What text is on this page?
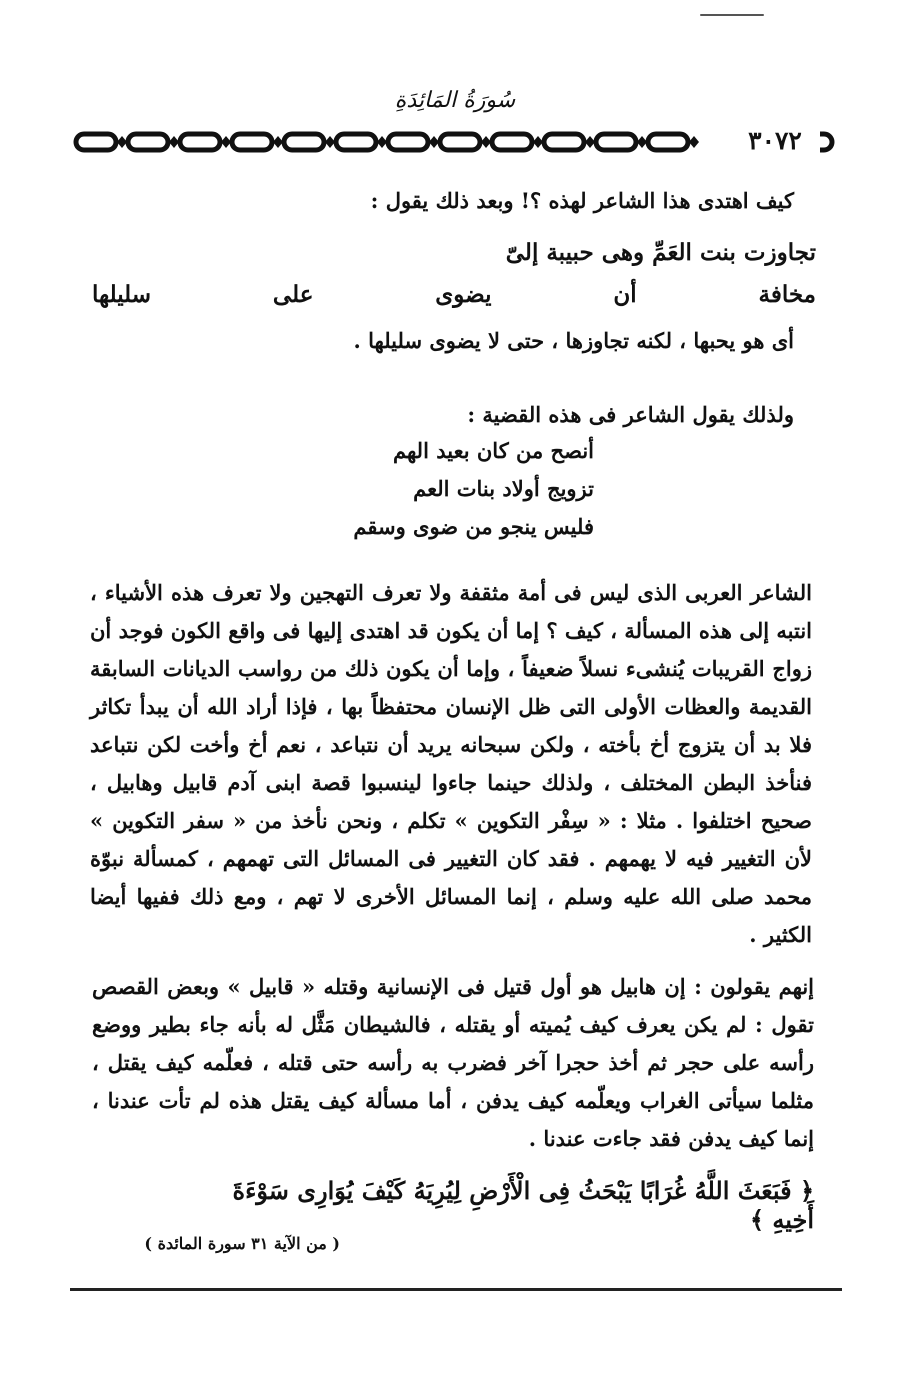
سُورَةُ المَائِدَةِ
٣٠٧٢
كيف اهتدى هذا الشاعر لهذه ؟! وبعد ذلك يقول :
تجاوزت بنت العَمِّ وهى حبيبة إلىّ
مخافة أن يضوى على سليلها
أى هو يحبها ، لكنه تجاوزها ، حتى لا يضوى سليلها .
ولذلك يقول الشاعر فى هذه القضية :
أنصح من كان بعيد الهم
تزويج أولاد بنات العم
فليس ينجو من ضوى وسقم
الشاعر العربى الذى ليس فى أمة مثقفة ولا تعرف التهجين ولا تعرف هذه الأشياء ، انتبه إلى هذه المسألة ، كيف ؟ إما أن يكون قد اهتدى إليها فى واقع الكون فوجد أن زواج القريبات يُنشىء نسلاً ضعيفاً ، وإما أن يكون ذلك من رواسب الديانات السابقة القديمة والعظات الأولى التى ظل الإنسان محتفظاً بها ، فإذا أراد الله أن يبدأ تكاثر فلا بد أن يتزوج أخ بأخته ، ولكن سبحانه يريد أن نتباعد ، نعم أخ وأخت لكن نتباعد فنأخذ البطن المختلف ، ولذلك حينما جاءوا لينسبوا قصة ابنى آدم قابيل وهابيل ، صحيح اختلفوا . مثلا : « سِفْر التكوين » تكلم ، ونحن نأخذ من « سفر التكوين » لأن التغيير فيه لا يهمهم . فقد كان التغيير فى المسائل التى تهمهم ، كمسألة نبوّة محمد صلى الله عليه وسلم ، إنما المسائل الأخرى لا تهم ، ومع ذلك ففيها أيضا الكثير .
إنهم يقولون : إن هابيل هو أول قتيل فى الإنسانية وقتله « قابيل » وبعض القصص تقول : لم يكن يعرف كيف يُميته أو يقتله ، فالشيطان مَثَّل له بأنه جاء بطير ووضع رأسه على حجر ثم أخذ حجرا آخر فضرب به رأسه حتى قتله ، فعلّمه كيف يقتل ، مثلما سيأتى الغراب ويعلّمه كيف يدفن ، أما مسألة كيف يقتل هذه لم تأت عندنا ، إنما كيف يدفن فقد جاءت عندنا .
﴿ فَبَعَثَ اللَّهُ غُرَابًا يَبْحَثُ فِى الْأَرْضِ لِيُرِيَهُ كَيْفَ يُوَارِى سَوْءَةَ أَخِيهِ ﴾
( من الآية ٣١ سورة المائدة )
